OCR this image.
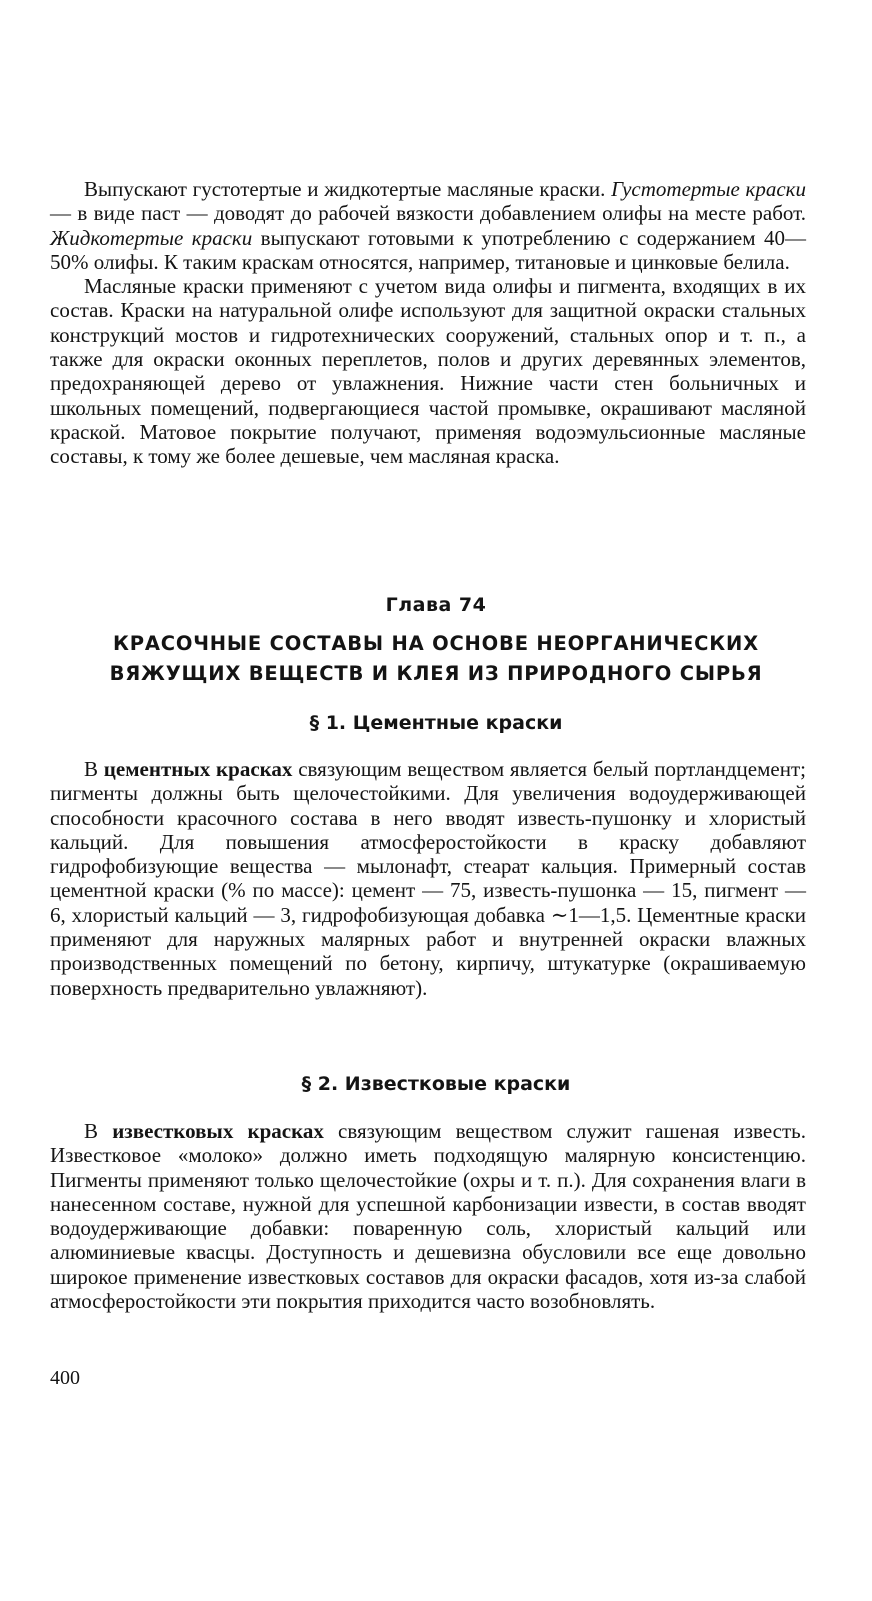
Выпускают густотертые и жидкотертые масляные краски. Густотертые краски — в виде паст — доводят до рабочей вязкости добавлением олифы на месте работ. Жидкотертые краски выпускают готовыми к употреблению с содержанием 40—50% олифы. К таким краскам относятся, например, титановые и цинковые белила.

Масляные краски применяют с учетом вида олифы и пигмента, входящих в их состав. Краски на натуральной олифе используют для защитной окраски стальных конструкций мостов и гидротехнических сооружений, стальных опор и т. п., а также для окраски оконных переплетов, полов и других деревянных элементов, предохраняющей дерево от увлажнения. Нижние части стен больничных и школьных помещений, подвергающиеся частой промывке, окрашивают масляной краской. Матовое покрытие получают, применяя водоэмульсионные масляные составы, к тому же более дешевые, чем масляная краска.

Глава 74
КРАСОЧНЫЕ СОСТАВЫ НА ОСНОВЕ НЕОРГАНИЧЕСКИХ
ВЯЖУЩИХ ВЕЩЕСТВ И КЛЕЯ ИЗ ПРИРОДНОГО СЫРЬЯ
§ 1. Цементные краски

В цементных красках связующим веществом является белый портландцемент; пигменты должны быть щелочестойкими. Для увеличения водоудерживающей способности красочного состава в него вводят известь-пушонку и хлористый кальций. Для повышения атмосферостойкости в краску добавляют гидрофобизующие вещества — мылонафт, стеарат кальция. Примерный состав цементной краски (% по массе): цемент — 75, известь-пушонка — 15, пигмент — 6, хлористый кальций — 3, гидрофобизующая добавка ∼1—1,5. Цементные краски применяют для наружных малярных работ и внутренней окраски влажных производственных помещений по бетону, кирпичу, штукатурке (окрашиваемую поверхность предварительно увлажняют).

§ 2. Известковые краски

В известковых красках связующим веществом служит гашеная известь. Известковое «молоко» должно иметь подходящую малярную консистенцию. Пигменты применяют только щелочестойкие (охры и т. п.). Для сохранения влаги в нанесенном составе, нужной для успешной карбонизации извести, в состав вводят водоудерживающие добавки: поваренную соль, хлористый кальций или алюминиевые квасцы. Доступность и дешевизна обусловили все еще довольно широкое применение известковых составов для окраски фасадов, хотя из-за слабой атмосферостойкости эти покрытия приходится часто возобновлять.

400
